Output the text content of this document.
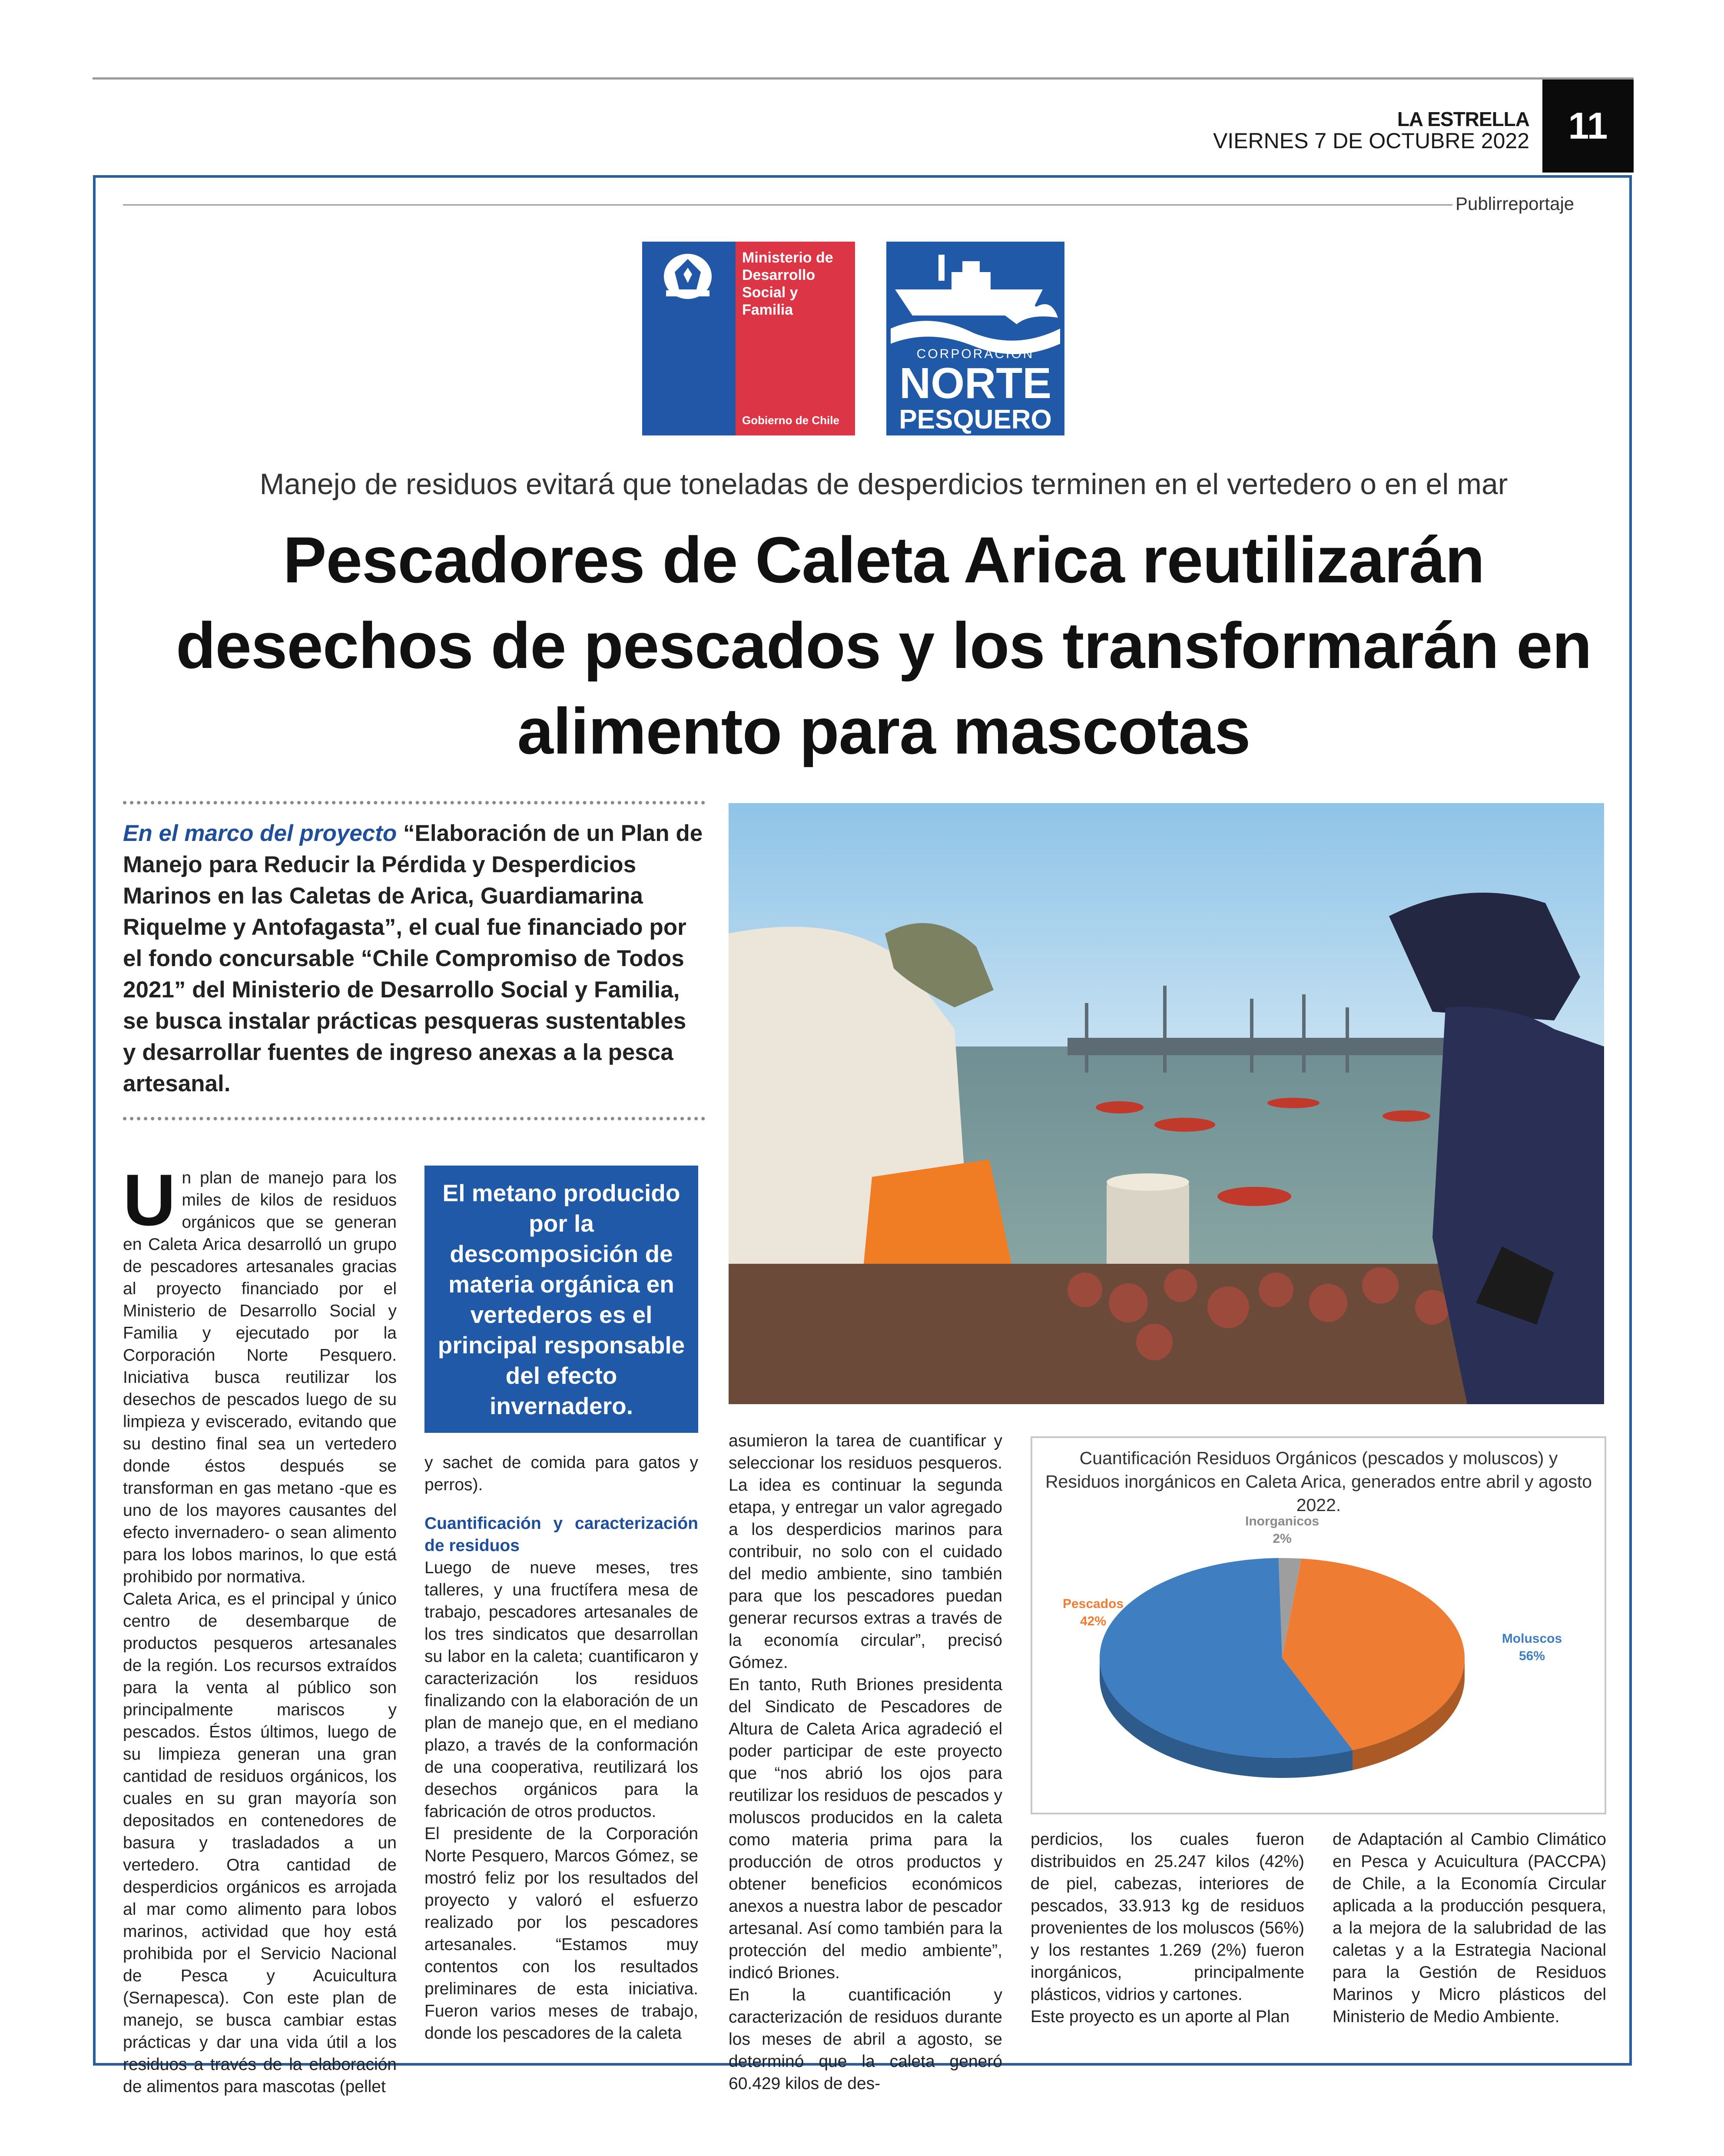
LA ESTRELLA
VIERNES 7 DE OCTUBRE 2022	11
Publirreportaje
Ministerio de
Desarrollo
Social y
Familia
Gobierno de Chile
CORPORACIÓN
NORTE
PESQUERO
Manejo de residuos evitará que toneladas de desperdicios terminen en el vertedero o en el mar
Pescadores de Caleta Arica reutilizarán
desechos de pescados y los transformarán en
alimento para mascotas
En el marco del proyecto “Elaboración de un Plan de Manejo para Reducir la Pérdida y Desperdicios Marinos en las Caletas de Arica, Guardiamarina Riquelme y Antofagasta”, el cual fue financiado por el fondo concursable “Chile Compromiso de Todos 2021” del Ministerio de Desarrollo Social y Familia, se busca instalar prácticas pesqueras sustentables y desarrollar fuentes de ingreso anexas a la pesca artesanal.
Un plan de manejo para los miles de kilos de residuos orgánicos que se generan en Caleta Arica desarrolló un grupo de pescadores artesanales gracias al proyecto financiado por el Ministerio de Desarrollo Social y Familia y ejecutado por la Corporación Norte Pesquero. Iniciativa busca reutilizar los desechos de pescados luego de su limpieza y eviscerado, evitando que su destino final sea un vertedero donde éstos después se transforman en gas metano -que es uno de los mayores causantes del efecto invernadero- o sean alimento para los lobos marinos, lo que está prohibido por normativa.
Caleta Arica, es el principal y único centro de desembarque de productos pesqueros artesanales de la región. Los recursos extraídos para la venta al público son principalmente mariscos y pescados. Éstos últimos, luego de su limpieza generan una gran cantidad de residuos orgánicos, los cuales en su gran mayoría son depositados en contenedores de basura y trasladados a un vertedero. Otra cantidad de desperdicios orgánicos es arrojada al mar como alimento para lobos marinos, actividad que hoy está prohibida por el Servicio Nacional de Pesca y Acuicultura (Sernapesca). Con este plan de manejo, se busca cambiar estas prácticas y dar una vida útil a los residuos a través de la elaboración de alimentos para mascotas (pellet
El metano producido por la descomposición de materia orgánica en vertederos es el principal responsable del efecto invernadero.
y sachet de comida para gatos y perros).
Cuantificación y caracterización de residuos
Luego de nueve meses, tres talleres, y una fructífera mesa de trabajo, pescadores artesanales de los tres sindicatos que desarrollan su labor en la caleta; cuantificaron y caracterización los residuos finalizando con la elaboración de un plan de manejo que, en el mediano plazo, a través de la conformación de una cooperativa, reutilizará los desechos orgánicos para la fabricación de otros productos.
El presidente de la Corporación Norte Pesquero, Marcos Gómez, se mostró feliz por los resultados del proyecto y valoró el esfuerzo realizado por los pescadores artesanales. “Estamos muy contentos con los resultados preliminares de esta iniciativa. Fueron varios meses de trabajo, donde los pescadores de la caleta
asumieron la tarea de cuantificar y seleccionar los residuos pesqueros. La idea es continuar la segunda etapa, y entregar un valor agregado a los desperdicios marinos para contribuir, no solo con el cuidado del medio ambiente, sino también para que los pescadores puedan generar recursos extras a través de la economía circular”, precisó Gómez.
En tanto, Ruth Briones presidenta del Sindicato de Pescadores de Altura de Caleta Arica agradeció el poder participar de este proyecto que “nos abrió los ojos para reutilizar los residuos de pescados y moluscos producidos en la caleta como materia prima para la producción de otros productos y obtener beneficios económicos anexos a nuestra labor de pescador artesanal. Así como también para la protección del medio ambiente”, indicó Briones.
En la cuantificación y caracterización de residuos durante los meses de abril a agosto, se determinó que la caleta generó 60.429 kilos de des-
Cuantificación Residuos Orgánicos (pescados y moluscos) y Residuos inorgánicos en Caleta Arica, generados entre abril y agosto 2022.
Inorganicos
2%
Pescados
42%
Moluscos
56%
perdicios, los cuales fueron distribuidos en 25.247 kilos (42%) de piel, cabezas, interiores de pescados, 33.913 kg de residuos provenientes de los moluscos (56%) y los restantes 1.269 (2%) fueron inorgánicos, principalmente plásticos, vidrios y cartones.
Este proyecto es un aporte al Plan
de Adaptación al Cambio Climático en Pesca y Acuicultura (PACCPA) de Chile, a la Economía Circular aplicada a la producción pesquera, a la mejora de la salubridad de las caletas y a la Estrategia Nacional para la Gestión de Residuos Marinos y Micro plásticos del Ministerio de Medio Ambiente.
